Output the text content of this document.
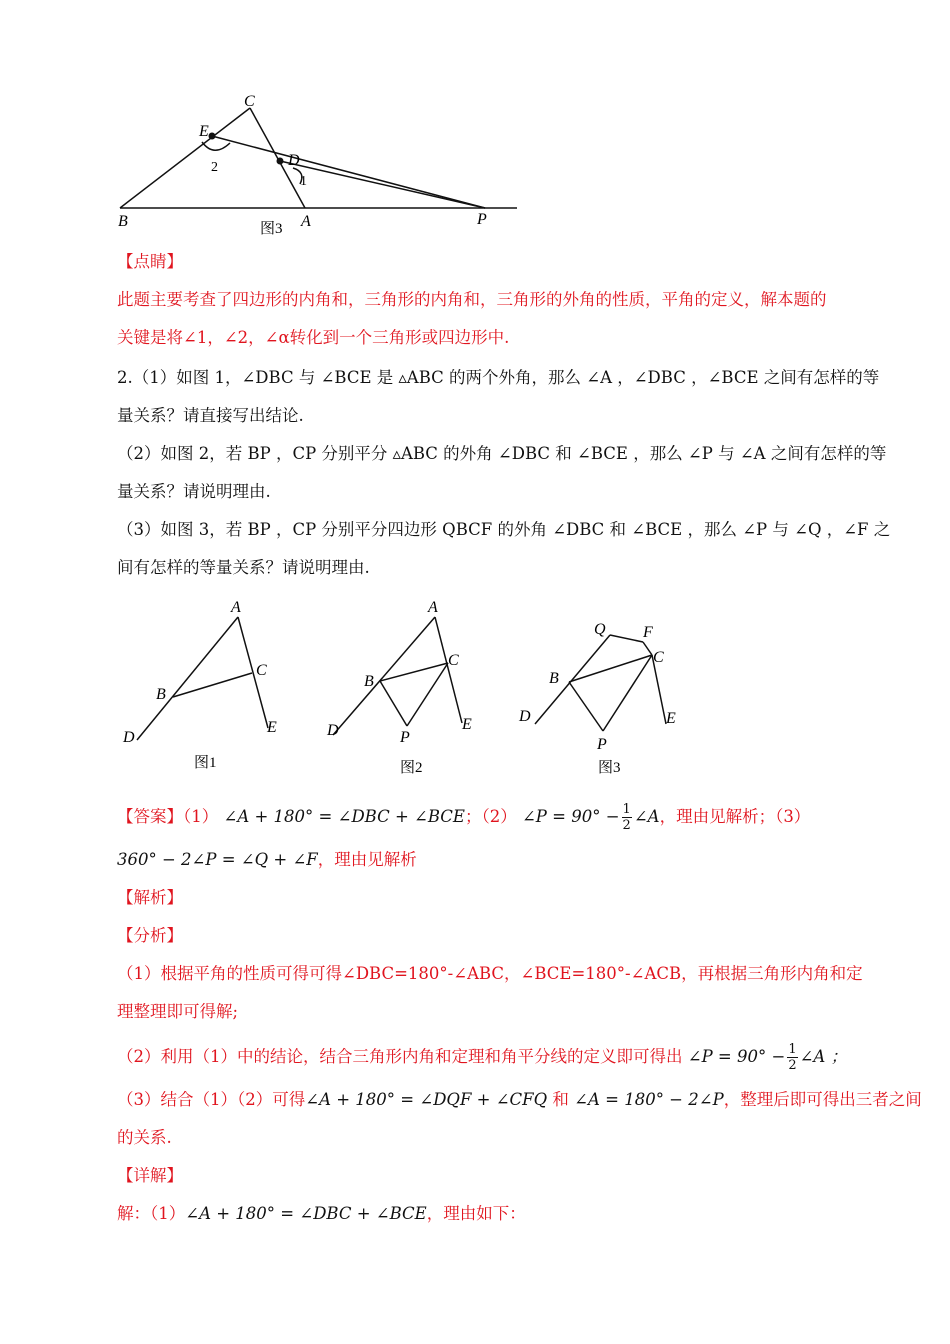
C
E
D
2
1
B	A	P
图3
【点睛】
此题主要考查了四边形的内角和，三角形的内角和，三角形的外角的性质，平角的定义，解本题的
关键是将∠1，∠2，∠α转化到一个三角形或四边形中.
2.（1）如图 1，∠DBC 与 ∠BCE 是 ▵ABC 的两个外角，那么 ∠A ，∠DBC ，∠BCE 之间有怎样的等
量关系？请直接写出结论.
（2）如图 2，若 BP ，CP 分别平分 ▵ABC 的外角 ∠DBC 和 ∠BCE ，那么 ∠P 与 ∠A 之间有怎样的等
量关系？请说明理由.
（3）如图 3，若 BP ，CP 分别平分四边形 QBCF 的外角 ∠DBC 和 ∠BCE ，那么 ∠P 与 ∠Q ，∠F 之
间有怎样的等量关系？请说明理由.
A
C
B
D
E
A
C
B
D	E
P
Q F
C
B
D	E
P
图1	图2	图3
【答案】（1） ∠A + 180° = ∠DBC + ∠BCE；（2） ∠P = $90^\circ - \frac{1}{2}$ ∠A，理由见解析；（3）
360° − 2∠P = ∠Q + ∠F，理由见解析
【解析】
【分析】
（1）根据平角的性质可得可得∠DBC=180°-∠ABC，∠BCE=180°-∠ACB，再根据三角形内角和定
理整理即可得解;
（2）利用（1）中的结论，结合三角形内角和定理和角平分线的定义即可得出 ∠P = $90^\circ - \frac{1}{2}$ ∠A ；
（3）结合（1）（2）可得∠A + 180° = ∠DQF + ∠CFQ 和 ∠A = 180° − 2∠P，整理后即可得出三者之间
的关系.
【详解】
解：（1）∠A + 180° = ∠DBC + ∠BCE，理由如下：
